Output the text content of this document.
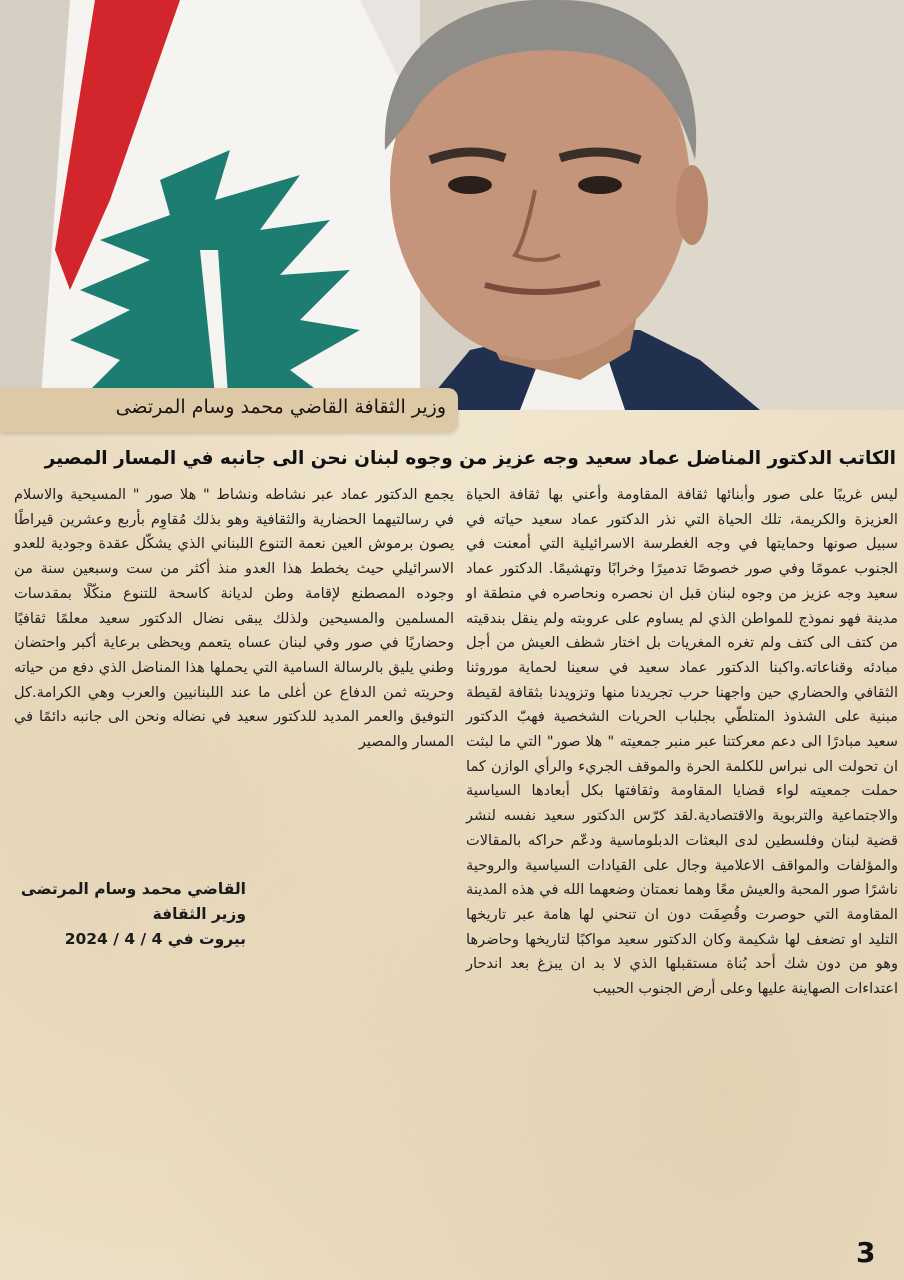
وزير الثقافة القاضي محمد وسام المرتضى
الكاتب الدكتور المناضل عماد سعيد وجه عزيز من وجوه لبنان نحن الى جانبه في المسار المصير
ليس غريبًا على صور وأبنائها ثقافة المقاومة وأعني بها ثقافة الحياة العزيزة والكريمة، تلك الحياة التي نذر الدكتور عماد سعيد حياته في سبيل صونها وحمايتها في وجه الغطرسة الاسرائيلية التي أمعنت في الجنوب عمومًا وفي صور خصوصًا تدميرًا وخرابًا وتهشيمًا. الدكتور عماد سعيد وجه عزيز من وجوه لبنان قبل ان نحصره ونحاصره في منطقة او مدينة فهو نموذج للمواطن الذي لم يساوم على عروبته ولم ينقل بندقيته من كتف الى كتف ولم تغره المغريات بل اختار شظف العيش من أجل مبادئه وقناعاته.واكبنا الدكتور عماد سعيد في سعينا لحماية موروثنا الثقافي والحضاري حين واجهنا حرب تجريدنا منها وتزويدنا بثقافة لقيطة مبنية على الشذوذ المتلطّي بجلباب الحريات الشخصية فهبّ الدكتور سعيد مبادرًا الى دعم معركتنا عبر منبر جمعيته " هلا صور" التي ما لبثت ان تحولت الى نبراس للكلمة الحرة والموقف الجريء والرأي الوازن كما حملت جمعيته لواء قضايا المقاومة وثقافتها بكل أبعادها السياسية والاجتماعية والتربوية والاقتصادية.لقد كرّس الدكتور سعيد نفسه لنشر قضية لبنان وفلسطين لدى البعثات الدبلوماسية ودعّم حراكه بالمقالات والمؤلفات والمواقف الاعلامية وجال على القيادات السياسية والروحية ناشرًا صور المحبة والعيش معًا وهما نعمتان وضعهما الله في هذه المدينة المقاومة التي حوصرت وقُصِفَت دون ان تنحني لها هامة عبر تاريخها التليد او تضعف لها شكيمة وكان الدكتور سعيد مواكبًا لتاريخها وحاضرها وهو من دون شك أحد بُناة مستقبلها الذي لا بد ان يبزغ بعد اندحار اعتداءات الصهاينة عليها وعلى أرض الجنوب الحبيب
يجمع الدكتور عماد عبر نشاطه ونشاط " هلا صور " المسيحية والاسلام في رسالتيهما الحضارية والثقافية وهو بذلك مُقاوِم بأربع وعشرين قيراطًا يصون برموش العين نعمة التنوع اللبناني الذي يشكّل عقدة وجودية للعدو الاسرائيلي حيث يخطط هذا العدو منذ أكثر من ست وسبعين سنة من وجوده المصطنع لإقامة وطن لديانة كاسحة للتنوع منكّلًا بمقدسات المسلمين والمسيحين ولذلك يبقى نضال الدكتور سعيد معلمًا ثقافيًا وحضاريًا في صور وفي لبنان عساه يتعمم ويحظى برعاية أكبر واحتضان وطني يليق بالرسالة السامية التي يحملها هذا المناضل الذي دفع من حياته وحريته ثمن الدفاع عن أغلى ما عند اللبنانيين والعرب وهي الكرامة.كل التوفيق والعمر المديد للدكتور سعيد في نضاله ونحن الى جانبه دائمًا في المسار والمصير
القاضي محمد وسام المرتضى
وزير الثقافة
بيروت في 4 / 4 / 2024
3
